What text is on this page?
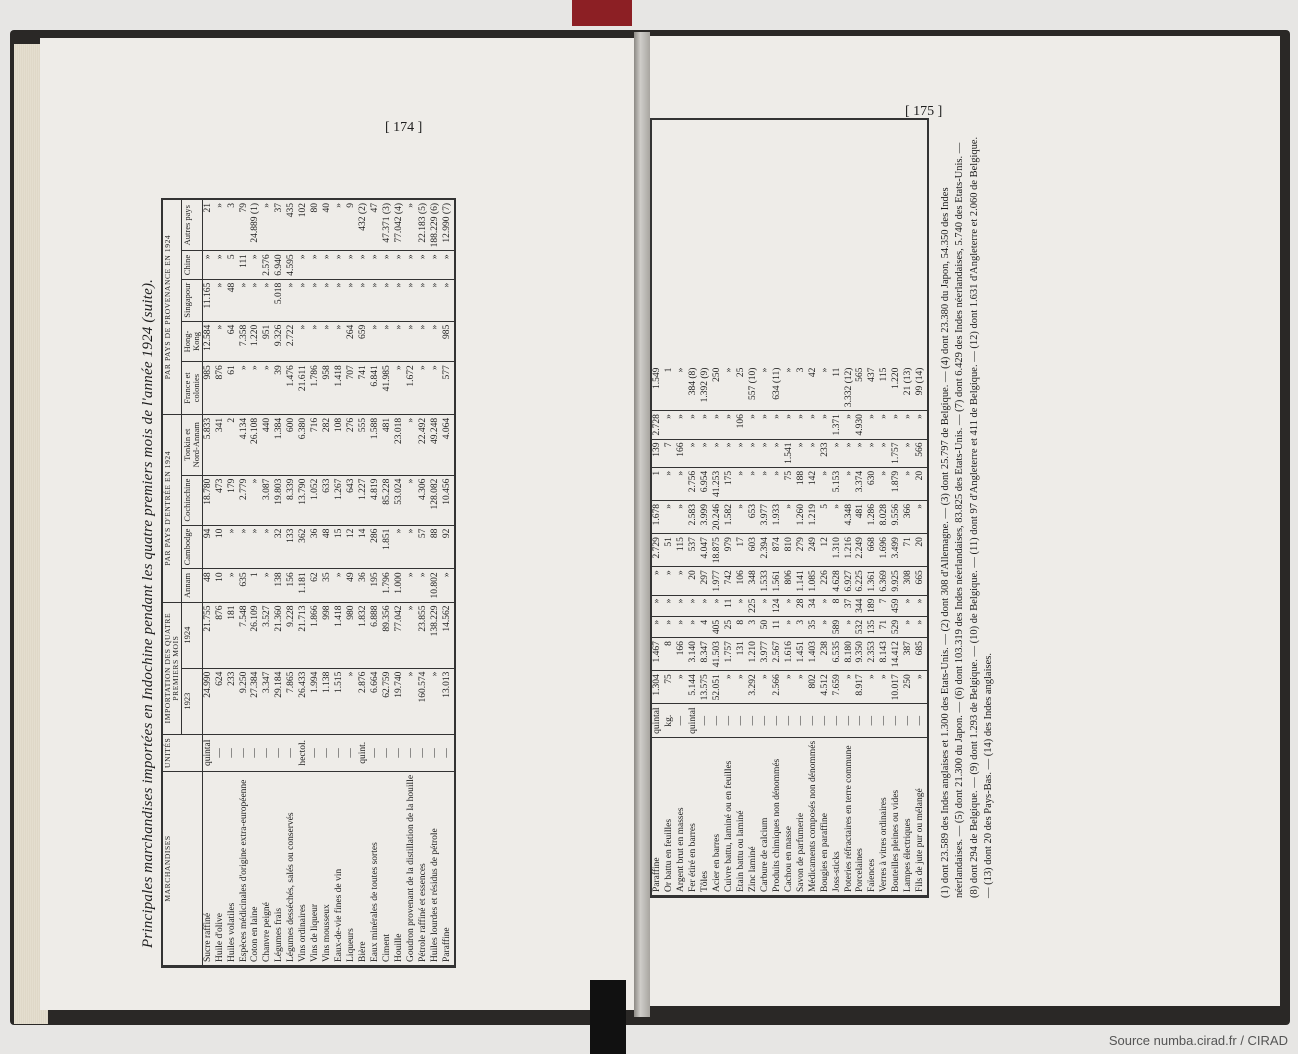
[ 174 ]
[ 175 ]
Principales marchandises importées en Indochine pendant les quatre premiers mois de l'année 1924 (suite). MARCHANDISES	UNITÉS	IMPORTATION DES QUATRE PREMIERS MOIS		PAR PAYS D'ENTRÉE EN 1924				PAR PAYS DE PROVENANCE EN 1924				
		1923	1924	Annam	Cambodge	Cochinchine	Tonkin et Nord-Annam	France et colonies	Hong-Kong	Singapour	Chine	Autres pays
Sucre raffiné	quintal	24.990	21.755	48	94	18.780	5.833	985	12.584	11.165	»	21
Huile d'olive	—	624	876	10	10	473	341	876	»	»	»	»
Huiles volatiles	—	233	181	»	»	179	2	61	64	48	5	3
Espèces médicinales d'origine extra-européenne	—	9.250	7.548	635	»	2.779	4.134	»	7.358	»	111	79
Coton en laine	—	27.384	26.109	1	»	»	26.108	»	1.220	»	»	24.889 (1)
Chanvre peigné	—	3.347	3.527	»	»	3.087	440	»	951	»	2.576	»
Légumes frais	—	29.184	21.360	138	32	19.803	1.384	39	9.326	5.018	6.940	37
Légumes desséchés, salés ou conservés	—	7.865	9.228	156	133	8.339	600	1.476	2.722	»	4.595	435
Vins ordinaires	hectol.	26.433	21.713	1.181	362	13.790	6.380	21.611	»	»	»	102
Vins de liqueur	—	1.994	1.866	62	36	1.052	716	1.786	»	»	»	80
Vins mousseux	—	1.138	998	35	48	633	282	958	»	»	»	40
Eaux-de-vie fines de vin	—	1.515	1.418	»	15	1.267	108	1.418	»	»	»	»
Liqueurs	—	»	980	49	12	643	276	707	264	»	»	9
Bière	quint.	2.876	1.832	36	14	1.227	555	741	659	»	»	432 (2)
Eaux minérales de toutes sortes	—	6.664	6.888	195	286	4.819	1.588	6.841	»	»	»	47
Ciment	—	62.759	89.356	1.796	1.851	85.228	481	41.985	»	»	»	47.371 (3)
Houille	—	19.740	77.042	1.000	»	53.024	23.018	»	»	»	»	77.042 (4)
Goudron provenant de la distillation de la houille	—	»	»	»	»	»	»	1.672	»	»	»	»
Pétrole raffiné et essences	—	160.574	23.855	»	57	4.306	22.492	»	»	»	»	22.183 (5)
Huiles lourdes et résidus de pétrole	—	»	138.229	10.802	88	128.082	49.248	»	»	»	»	188.229 (6)
Paraffine	—	13.013	14.562	»	92	10.456	4.064	577	985	»	»	12.990 (7)
Paraffine	quintal	1.304	1.467	»	»	»	2.729	1.678	1	139	2.728	1.549
Or battu en feuilles	kg.	75	8	»	»	»	51	»	»	7	»	1
Argent brut en masses	—	»	166	»	»	»	115	»	»	166	»	»
Fer étiré en barres	quintal	5.144	3.140	»	»	20	537	2.583	2.756	»	»	384 (8)
Tôles	—	13.575	8.347	4	»	297	4.047	3.999	6.954	»	»	1.392 (9)
Acier en barres	—	52.051	41.503	405	»	1.977	18.875	20.246	41.253	»	»	250
Cuivre battu, laminé ou en feuilles	—	»	1.757	25	11	742	979	1.582	175	»	»	»
Etain battu ou laminé	—	»	131	8	»	106	17	»	»	»	106	25
Zinc laminé	—	3.292	1.210	3	225	348	603	653	»	»	»	557 (10)
Carbure de calcium	—	»	3.977	50	»	1.533	2.394	3.977	»	»	»	»
Produits chimiques non dénommés	—	2.566	2.567	11	124	1.561	874	1.933	»	»	»	634 (11)
Cachou en masse	—	»	1.616	»	»	806	810	»	75	1.541	»	»
Savon de parfumerie	—	»	1.451	3	28	1.141	279	1.260	188	»	»	3
Médicaments composés non dénommés	—	802	1.403	35	34	1.085	249	1.219	142	»	»	42
Bougies en paraffine	—	4.512	238	»	»	226	12	5	»	233	»	»
Joss-sticks	—	7.659	6.535	589	8	4.628	1.310	»	5.153	»	1.371	11
Poteries réfractaires en terre commune	—	»	8.180	»	37	6.927	1.216	4.348	»	»	»	3.332 (12)
Porcelaines	—	8.917	9.350	532	344	6.225	2.249	481	3.374	»	4.930	565
Faïences	—	»	2.353	135	189	1.361	668	1.286	630	»	»	437
Verres à vitres ordinaires	—	»	8.143	71	7	6.369	1.696	8.028	»	»	»	115
Bouteilles pleines ou vides	—	10.017	14.412	529	459	9.925	3.499	9.556	1.879	1.757	»	1.220
Lampes électriques	—	250	387	»	»	308	71	366	»	»	»	21 (13)
Fils de jute pur ou mélangé	—	»	685	»	»	665	20	»	20	566	»	99 (14) (1) dont 23.589 des Indes anglaises et 1.300 des Etats-Unis. — (2) dont 308 d'Allemagne. — (3) dont 25.797 de Belgique. — (4) dont 23.380 du Japon, 54.350 des Indes néerlandaises. — (5) dont 21.300 du Japon. — (6) dont 103.319 des Indes néerlandaises, 83.825 des Etats-Unis. — (7) dont 6.429 des Indes néerlandaises, 5.740 des Etats-Unis. — (8) dont 294 de Belgique. — (9) dont 1.293 de Belgique. — (10) de Belgique. — (11) dont 97 d'Angleterre et 411 de Belgique. — (12) dont 1.631 d'Angleterre et 2.060 de Belgique. — (13) dont 20 des Pays-Bas. — (14) des Indes anglaises.
Source numba.cirad.fr / CIRAD
